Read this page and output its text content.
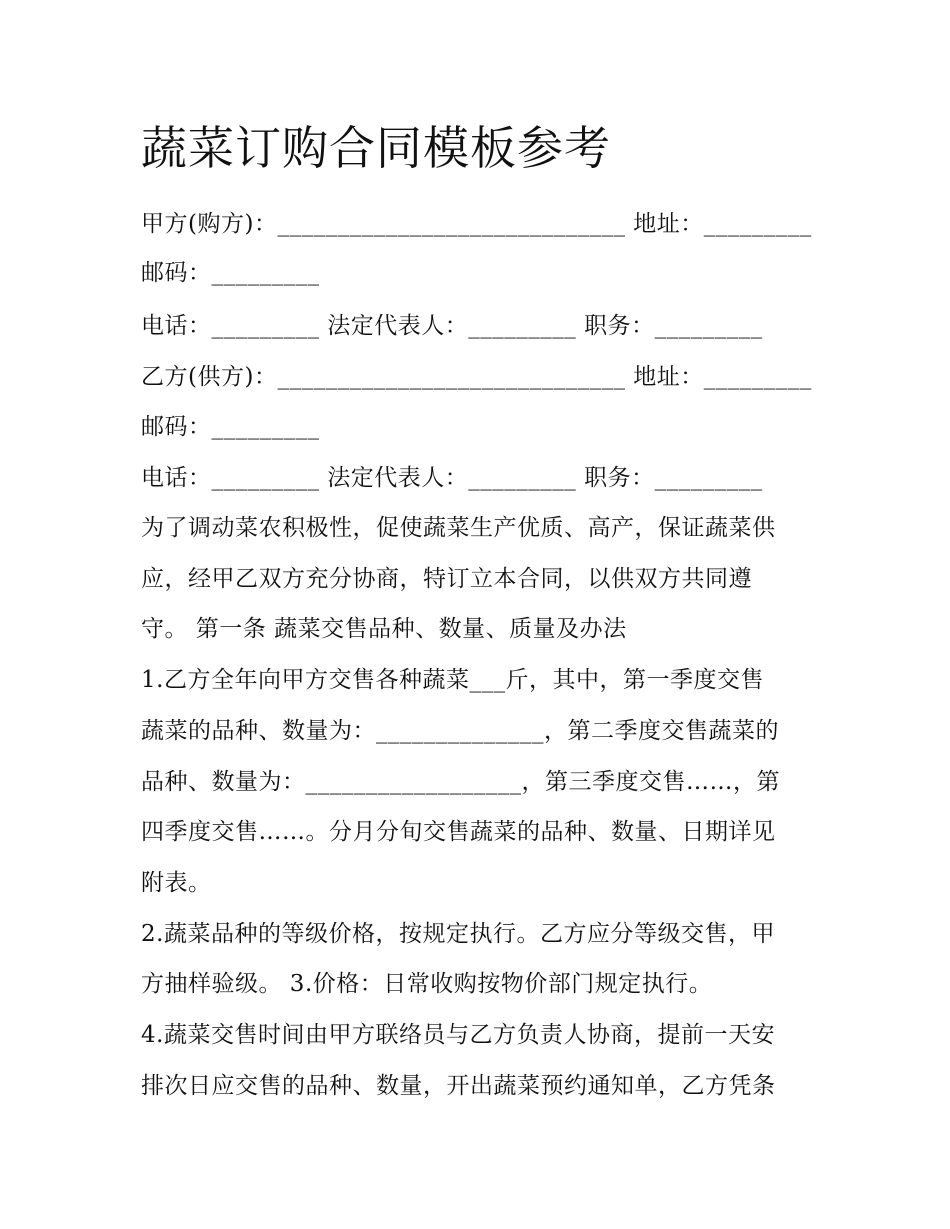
蔬菜订购合同模板参考
甲方(购方)：_____________________________ 地址：_________
邮码：_________
电话：_________ 法定代表人：_________ 职务：_________
乙方(供方)：_____________________________ 地址：_________
邮码：_________
电话：_________ 法定代表人：_________ 职务：_________
为了调动菜农积极性，促使蔬菜生产优质、高产，保证蔬菜供
应，经甲乙双方充分协商，特订立本合同，以供双方共同遵
守。 第一条 蔬菜交售品种、数量、质量及办法
1.乙方全年向甲方交售各种蔬菜___斤，其中，第一季度交售
蔬菜的品种、数量为：______________，第二季度交售蔬菜的
品种、数量为：__________________，第三季度交售……，第
四季度交售……。分月分旬交售蔬菜的品种、数量、日期详见
附表。
2.蔬菜品种的等级价格，按规定执行。乙方应分等级交售，甲
方抽样验级。 3.价格：日常收购按物价部门规定执行。
4.蔬菜交售时间由甲方联络员与乙方负责人协商，提前一天安
排次日应交售的品种、数量，开出蔬菜预约通知单，乙方凭条
